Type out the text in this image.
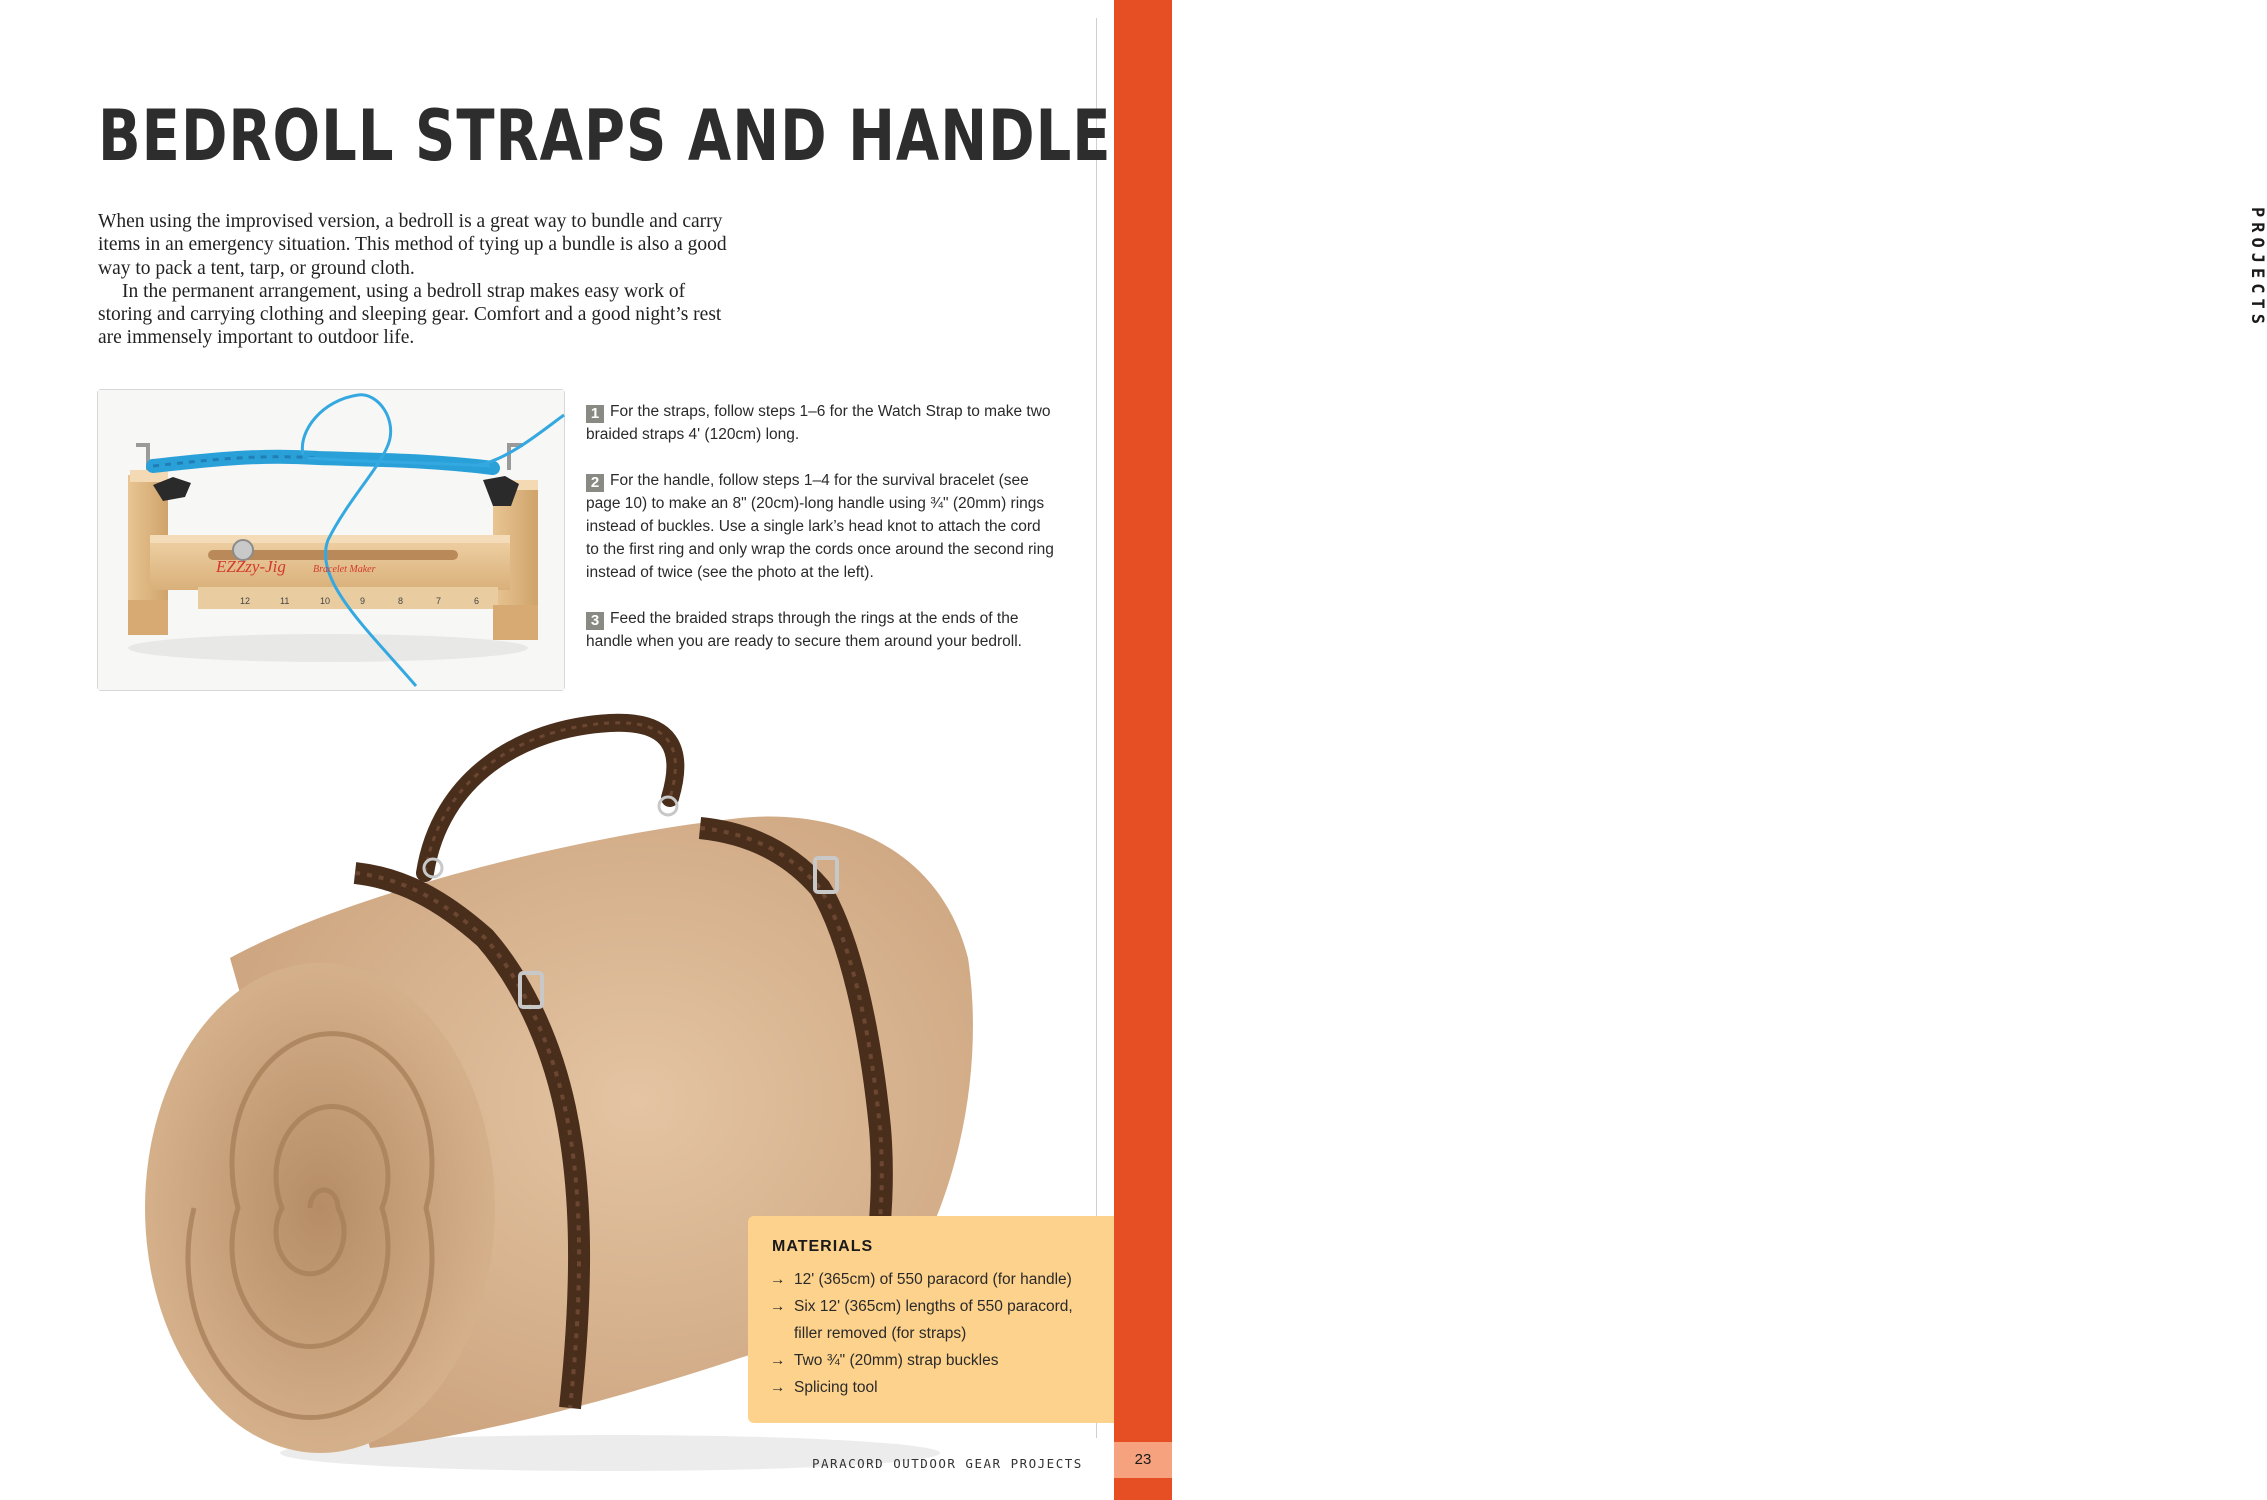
PROJECTS
23
BEDROLL STRAPS AND HANDLE

When using the improvised version, a bedroll is a great way to bundle and carry items in an emergency situation. This method of tying up a bundle is also a good way to pack a tent, tarp, or ground cloth.

In the permanent arrangement, using a bedroll strap makes easy work of storing and carrying clothing and sleeping gear. Comfort and a good night’s rest are immensely important to outdoor life.

EZZzy-Jig	Bracelet Maker
12	11	10	9	8	7	6

1 For the straps, follow steps 1–6 for the Watch Strap to make two braided straps 4' (120cm) long.

2 For the handle, follow steps 1–4 for the survival bracelet (see page 10) to make an 8" (20cm)-long handle using ¾" (20mm) rings instead of buckles. Use a single lark’s head knot to attach the cord to the first ring and only wrap the cords once around the second ring instead of twice (see the photo at the left).

3 Feed the braided straps through the rings at the ends of the handle when you are ready to secure them around your bedroll.

MATERIALS
→ 12' (365cm) of 550 paracord (for handle)
→ Six 12' (365cm) lengths of 550 paracord, filler removed (for straps)
→ Two ¾" (20mm) strap buckles
→ Splicing tool
PARACORD OUTDOOR GEAR PROJECTS
